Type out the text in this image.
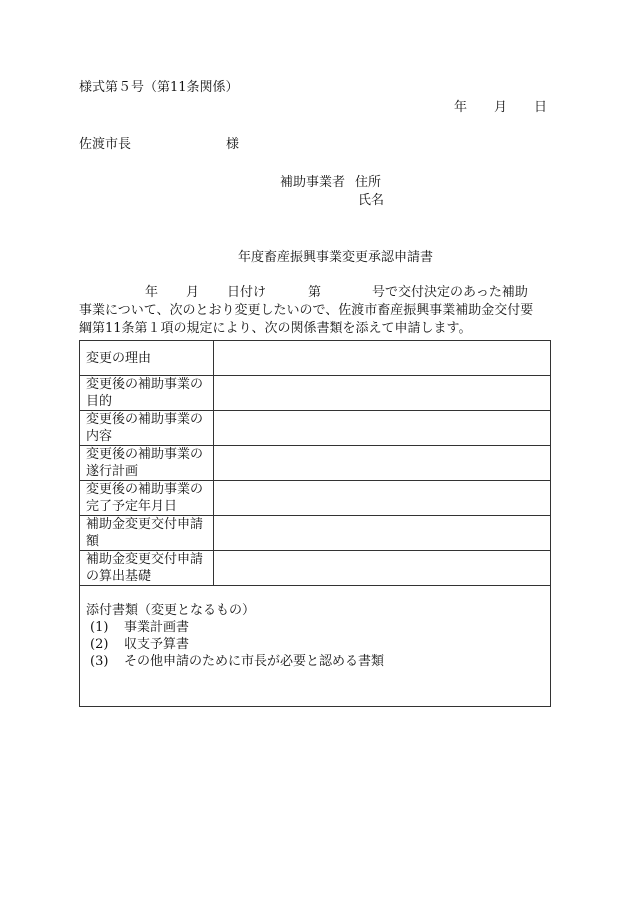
様式第５号（第11条関係）
年 月 日
佐渡市長	様
補助事業者 住所
氏名
年度畜産振興事業変更承認申請書
年 月 日付け	第	号で交付決定のあった補助
事業について、次のとおり変更したいので、佐渡市畜産振興事業補助金交付要
綱第11条第１項の規定により、次の関係書類を添えて申請します。
変更の理由	
変更後の補助事業の
目的	
変更後の補助事業の
内容	
変更後の補助事業の
遂行計画	
変更後の補助事業の
完了予定年月日	
補助金変更交付申請
額	
補助金変更交付申請
の算出基礎	

添付書類（変更となるもの）
(1) 事業計画書
(2) 収支予算書
(3) その他申請のために市長が必要と認める書類	
